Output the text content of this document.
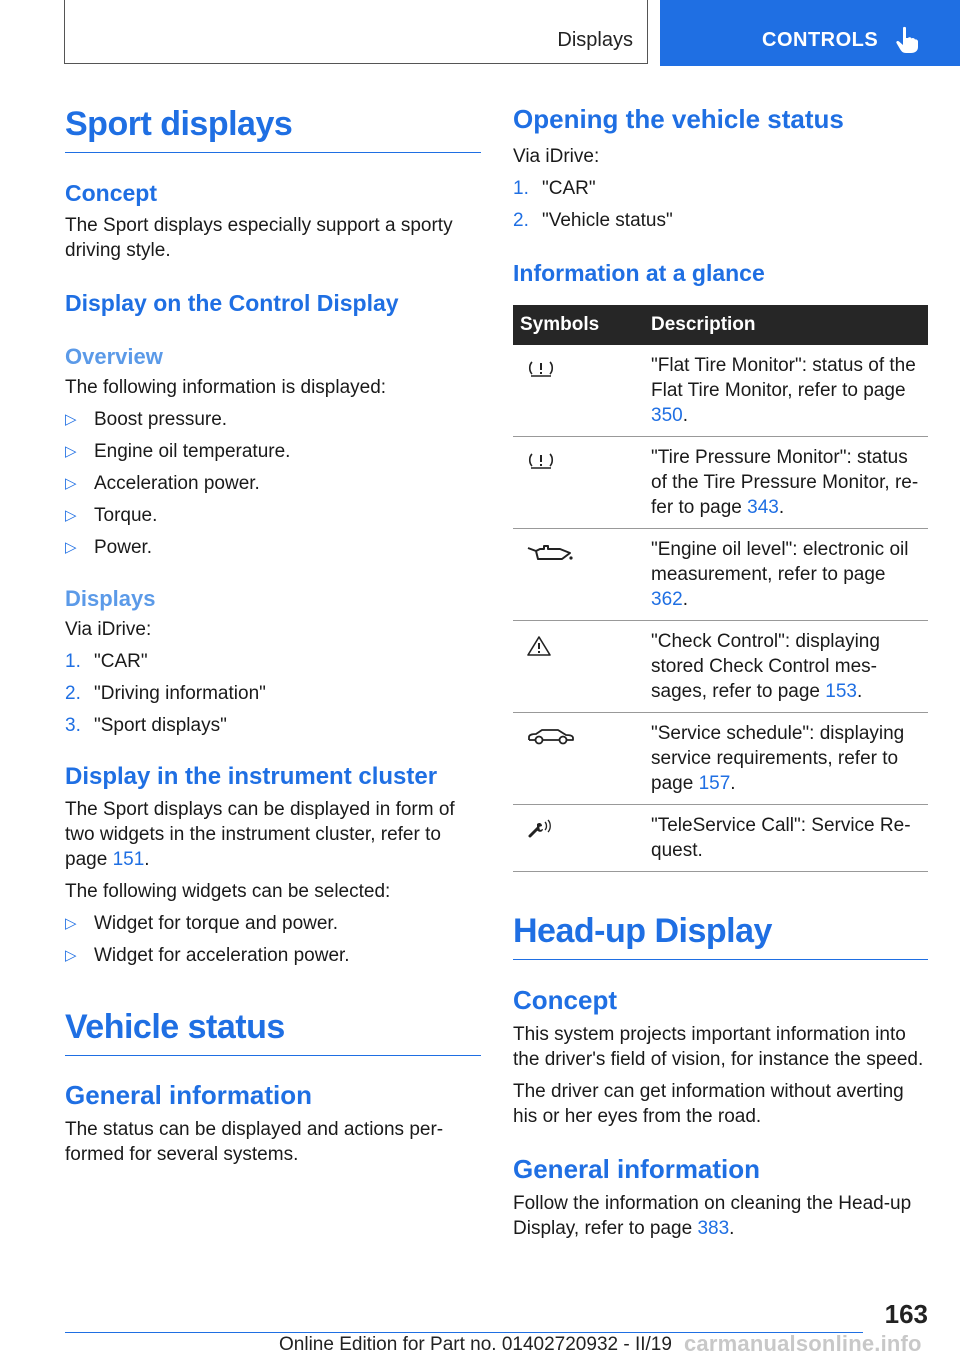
Displays	CONTROLS
Sport displays
Concept

The Sport displays especially support a sporty driving style.

Display on the Control Display
Overview

The following information is displayed:

▷ Boost pressure.
▷ Engine oil temperature.
▷ Acceleration power.
▷ Torque.
▷ Power.
Displays

Via iDrive:

1. "CAR"
2. "Driving information"
3. "Sport displays"
Display in the instrument cluster

The Sport displays can be displayed in form of two widgets in the instrument cluster, refer to page 151.

The following widgets can be selected:

▷ Widget for torque and power.
▷ Widget for acceleration power.
Vehicle status
General information

The status can be displayed and actions performed for several systems.

Opening the vehicle status

Via iDrive:

1. "CAR"
2. "Vehicle status"
Information at a glance
Symbols	Description

	"Flat Tire Monitor": status of the Flat Tire Monitor, refer to page 350.

	"Tire Pressure Monitor": status of the Tire Pressure Monitor, refer to page 343.

	"Engine oil level": electronic oil measurement, refer to page 362.

	"Check Control": displaying stored Check Control messages, refer to page 153.

	"Service schedule": displaying service requirements, refer to page 157.

	"TeleService Call": Service Request.
Head-up Display
Concept

This system projects important information into the driver's field of vision, for instance the speed.

The driver can get information without averting his or her eyes from the road.

General information

Follow the information on cleaning the Head-up Display, refer to page 383.

163
Online Edition for Part no. 01402720932 - II/19 carmanualsonline.info
